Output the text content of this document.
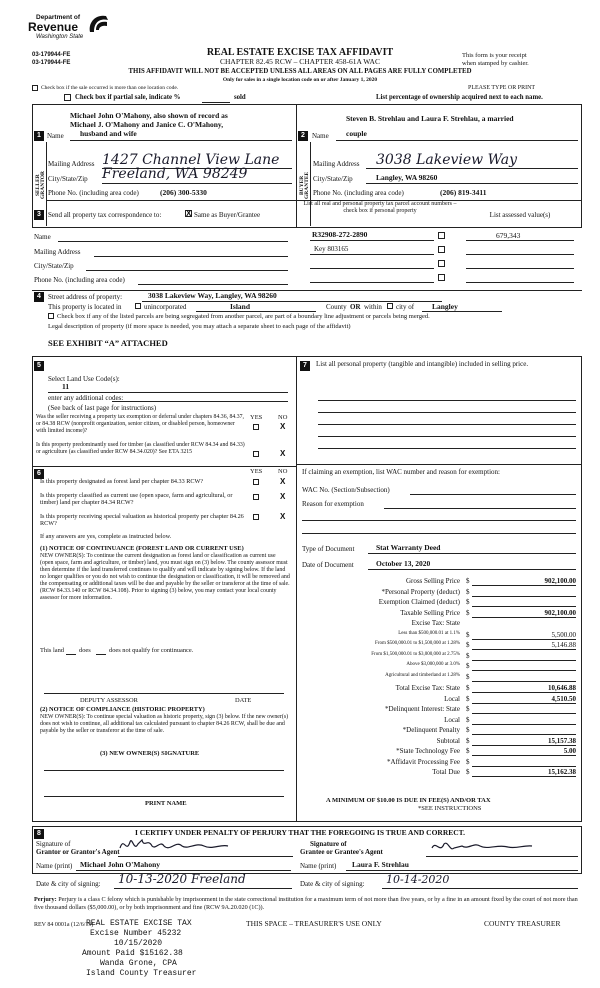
Department of
Revenue
Washington State
03-179944-FE
03-179944-FE
REAL ESTATE EXCISE TAX AFFIDAVIT
CHAPTER 82.45 RCW – CHAPTER 458-61A WAC
This form is your receipt
when stamped by cashier.
THIS AFFIDAVIT WILL NOT BE ACCEPTED UNLESS ALL AREAS ON ALL PAGES ARE FULLY COMPLETED
Only for sales in a single location code on or after January 1, 2020
Check box if the sale occurred is more than one location code.	PLEASE TYPE OR PRINT
Check box if partial sale, indicate %	sold	List percentage of ownership acquired next to each name.
Michael John O'Mahony, also shown of record as
Michael J. O'Mahony and Janice C. O'Mahony,
1 Name husband and wife
SELLER GRANTOR
Mailing Address 1427 Channel View Lane
City/State/Zip Freeland, WA 98249
Phone No. (including area code)	(206) 300-5330
Steven B. Strehlau and Laura F. Strehlau, a married
2	Name couple
BUYER GRANTEE
Mailing Address 3038 Lakeview Way
City/State/Zip	Langley, WA 98260
Phone No. (including area code)	(206) 819-3411
3	Send all property tax correspondence to:	X Same as Buyer/Grantee
List all real and personal property tax parcel account numbers – check box if personal property
List assessed value(s)
Name
Mailing Address
City/State/Zip
Phone No. (including area code)
R32908-272-2890	679,343
Key 803165
4	Street address of property:	3038 Lakeview Way, Langley, WA 98260
This property is located in	unincorporated	Island	County OR within city of Langley
Check box if any of the listed parcels are being segregated from another parcel, are part of a boundary line adjustment or parcels being merged.
Legal description of property (if more space is needed, you may attach a separate sheet to each page of the affidavit)
SEE EXHIBIT “A” ATTACHED
5
Select Land Use Code(s):
11
enter any additional codes:
(See back of last page for instructions)
YES NO
Was the seller receiving a property tax exemption or deferral under chapters 84.36, 84.37, or 84.38 RCW (nonprofit organization, senior citizen, or disabled person, homeowner with limited income)?	X
Is this property predominantly used for timber (as classified under RCW 84.34 and 84.33) or agriculture (as classified under RCW 84.34.020)? See ETA 3215	X
6	YES NO
Is this property designated as forest land per chapter 84.33 RCW?	X
Is this property classified as current use (open space, farm and agricultural, or timber) land per chapter 84.34 RCW?
X
Is this property receiving special valuation as historical property per chapter 84.26 RCW?
X
If any answers are yes, complete as instructed below.
(1) NOTICE OF CONTINUANCE (FOREST LAND OR CURRENT USE)
NEW OWNER(S): To continue the current designation as forest land or classification as current use (open space, farm and agriculture, or timber) land, you must sign on (3) below. The county assessor must then determine if the land transferred continues to qualify and will indicate by signing below. If the land no longer qualifies or you do not wish to continue the designation or classification, it will be removed and the compensating or additional taxes will be due and payable by the seller or transferor at the time of sale. (RCW 84.33.140 or RCW 84.34.108). Prior to signing (3) below, you may contact your local county assessor for more information.
This land does	does not qualify for continuance.
DEPUTY ASSESSOR	DATE
(2) NOTICE OF COMPLIANCE (HISTORIC PROPERTY)
NEW OWNER(S): To continue special valuation as historic property, sign (3) below. If the new owner(s) does not wish to continue, all additional tax calculated pursuant to chapter 84.26 RCW, shall be due and payable by the seller or transferor at the time of sale.
(3) NEW OWNER(S) SIGNATURE
PRINT NAME
7	List all personal property (tangible and intangible) included in selling price.
If claiming an exemption, list WAC number and reason for exemption:
WAC No. (Section/Subsection)
Reason for exemption
Type of Document	Stat Warranty Deed
Date of Document	October 13, 2020
Gross Selling Price $	902,100.00
*Personal Property (deduct) $
Exemption Claimed (deduct) $
Taxable Selling Price $	902,100.00
Excise Tax: State
Less than $500,000.01 at 1.1% $	5,500.00
From $500,000.01 to $1,500,000 at 1.28% $	5,146.88
From $1,500,000.01 to $3,000,000 at 2.75% $
Above $3,000,000 at 3.0% $
Agricultural and timberland at 1.28% $
Total Excise Tax: State $	10,646.88
Local $	4,510.50
*Delinquent Interest: State $
Local $
*Delinquent Penalty $
Subtotal $	15,157.38
*State Technology Fee $	5.00
*Affidavit Processing Fee $
Total Due $	15,162.38
A MINIMUM OF $10.00 IS DUE IN FEE(S) AND/OR TAX
*SEE INSTRUCTIONS
8	I CERTIFY UNDER PENALTY OF PERJURY THAT THE FOREGOING IS TRUE AND CORRECT.
Signature of
Grantor or Grantor's Agent
Signature of
Grantee or Grantee's Agent
Name (print) Michael John O'Mahony	Name (print) Laura F. Strehlau
Date & city of signing: 10-13-2020 Freeland	Date & city of signing: 10-14-2020
Perjury: Perjury is a class C felony which is punishable by imprisonment in the state correctional institution for a maximum term of not more than five years, or by a fine in an amount fixed by the court of not more than five thousand dollars ($5,000.00), or by both imprisonment and fine (RCW 9A.20.020 (1C)).
REV 84 0001a (12/6/19)	THIS SPACE – TREASURER'S USE ONLY	COUNTY TREASURER
REAL ESTATE EXCISE TAX
Excise Number 45232
10/15/2020
Amount Paid $15162.38
Wanda Grone, CPA
Island County Treasurer
